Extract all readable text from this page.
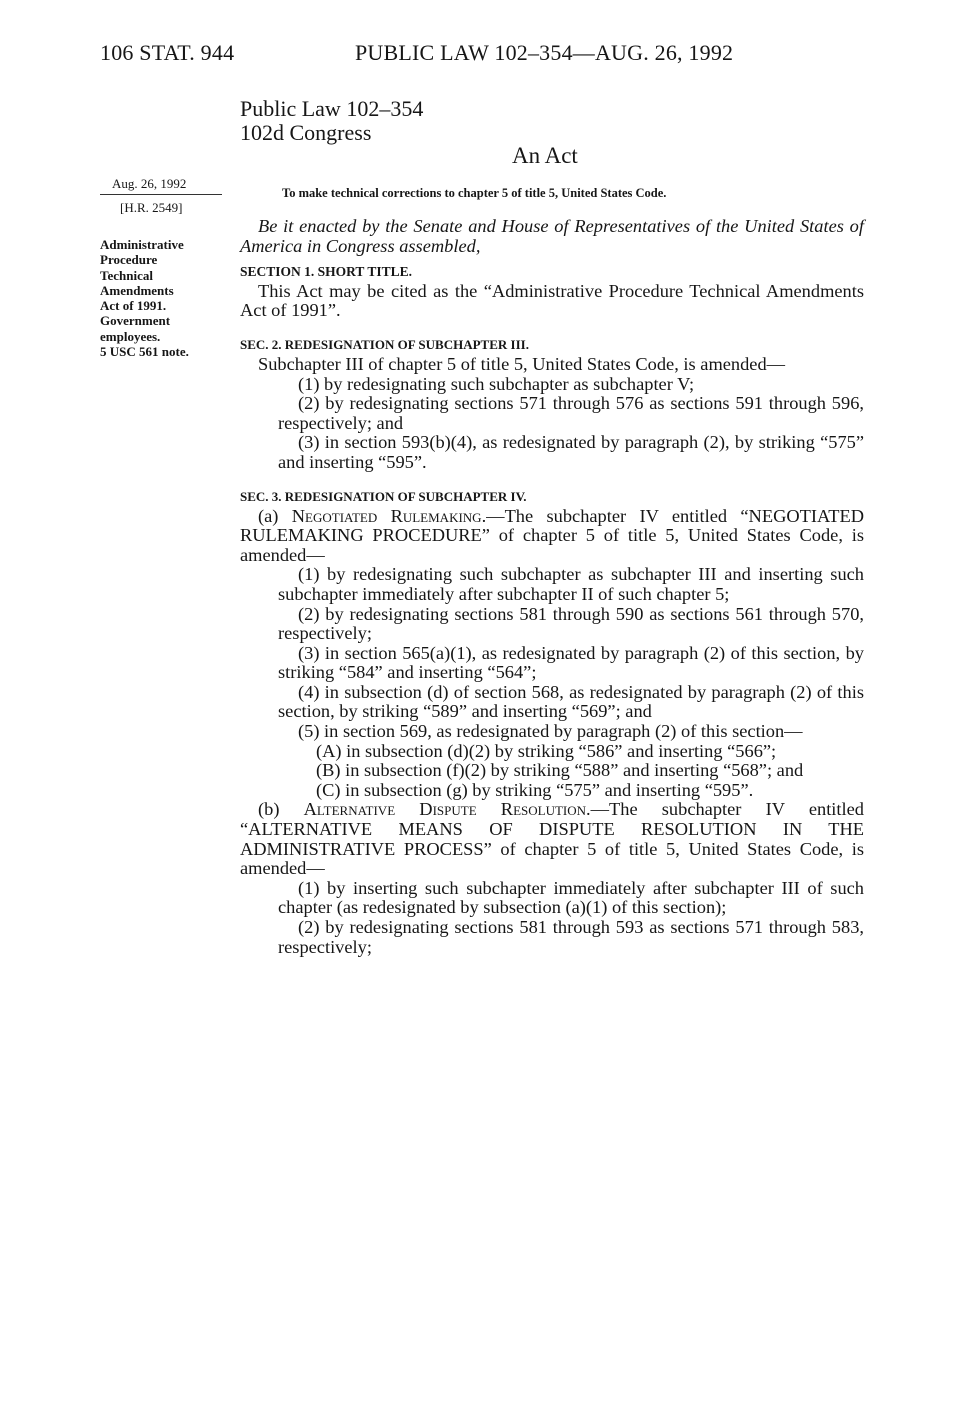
106 STAT. 944	PUBLIC LAW 102–354—AUG. 26, 1992
Public Law 102–354
102d Congress
An Act
To make technical corrections to chapter 5 of title 5, United States Code.
Aug. 26, 1992
[H.R. 2549]
Administrative
Procedure
Technical
Amendments
Act of 1991.
Government
employees.
5 USC 561 note.

Be it enacted by the Senate and House of Representatives of the United States of America in Congress assembled,

SECTION 1. SHORT TITLE.

This Act may be cited as the “Administrative Procedure Technical Amendments Act of 1991”.

SEC. 2. REDESIGNATION OF SUBCHAPTER III.

Subchapter III of chapter 5 of title 5, United States Code, is amended—

(1) by redesignating such subchapter as subchapter V;

(2) by redesignating sections 571 through 576 as sections 591 through 596, respectively; and

(3) in section 593(b)(4), as redesignated by paragraph (2), by striking “575” and inserting “595”.

SEC. 3. REDESIGNATION OF SUBCHAPTER IV.

(a) Negotiated Rulemaking.—The subchapter IV entitled “NEGOTIATED RULEMAKING PROCEDURE” of chapter 5 of title 5, United States Code, is amended—

(1) by redesignating such subchapter as subchapter III and inserting such subchapter immediately after subchapter II of such chapter 5;

(2) by redesignating sections 581 through 590 as sections 561 through 570, respectively;

(3) in section 565(a)(1), as redesignated by paragraph (2) of this section, by striking “584” and inserting “564”;

(4) in subsection (d) of section 568, as redesignated by paragraph (2) of this section, by striking “589” and inserting “569”; and

(5) in section 569, as redesignated by paragraph (2) of this section—

(A) in subsection (d)(2) by striking “586” and inserting “566”;

(B) in subsection (f)(2) by striking “588” and inserting “568”; and

(C) in subsection (g) by striking “575” and inserting “595”.

(b) Alternative Dispute Resolution.—The subchapter IV entitled “ALTERNATIVE MEANS OF DISPUTE RESOLUTION IN THE ADMINISTRATIVE PROCESS” of chapter 5 of title 5, United States Code, is amended—

(1) by inserting such subchapter immediately after subchapter III of such chapter (as redesignated by subsection (a)(1) of this section);

(2) by redesignating sections 581 through 593 as sections 571 through 583, respectively;
